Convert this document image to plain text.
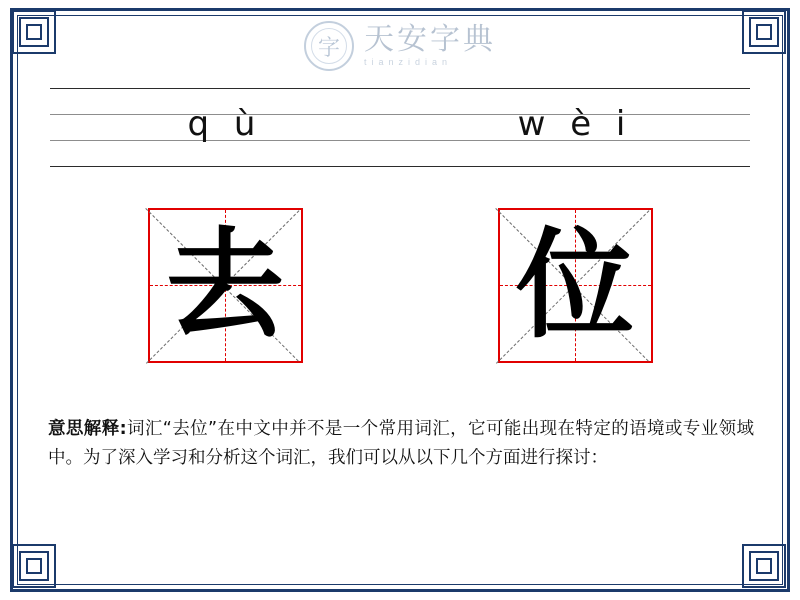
字 天安字典
tianzidian
q ù	w è i
去 位
意思解释:词汇“去位”在中文中并不是一个常用词汇，它可能出现在特定的语境或专业领域中。为了深入学习和分析这个词汇，我们可以从以下几个方面进行探讨：
